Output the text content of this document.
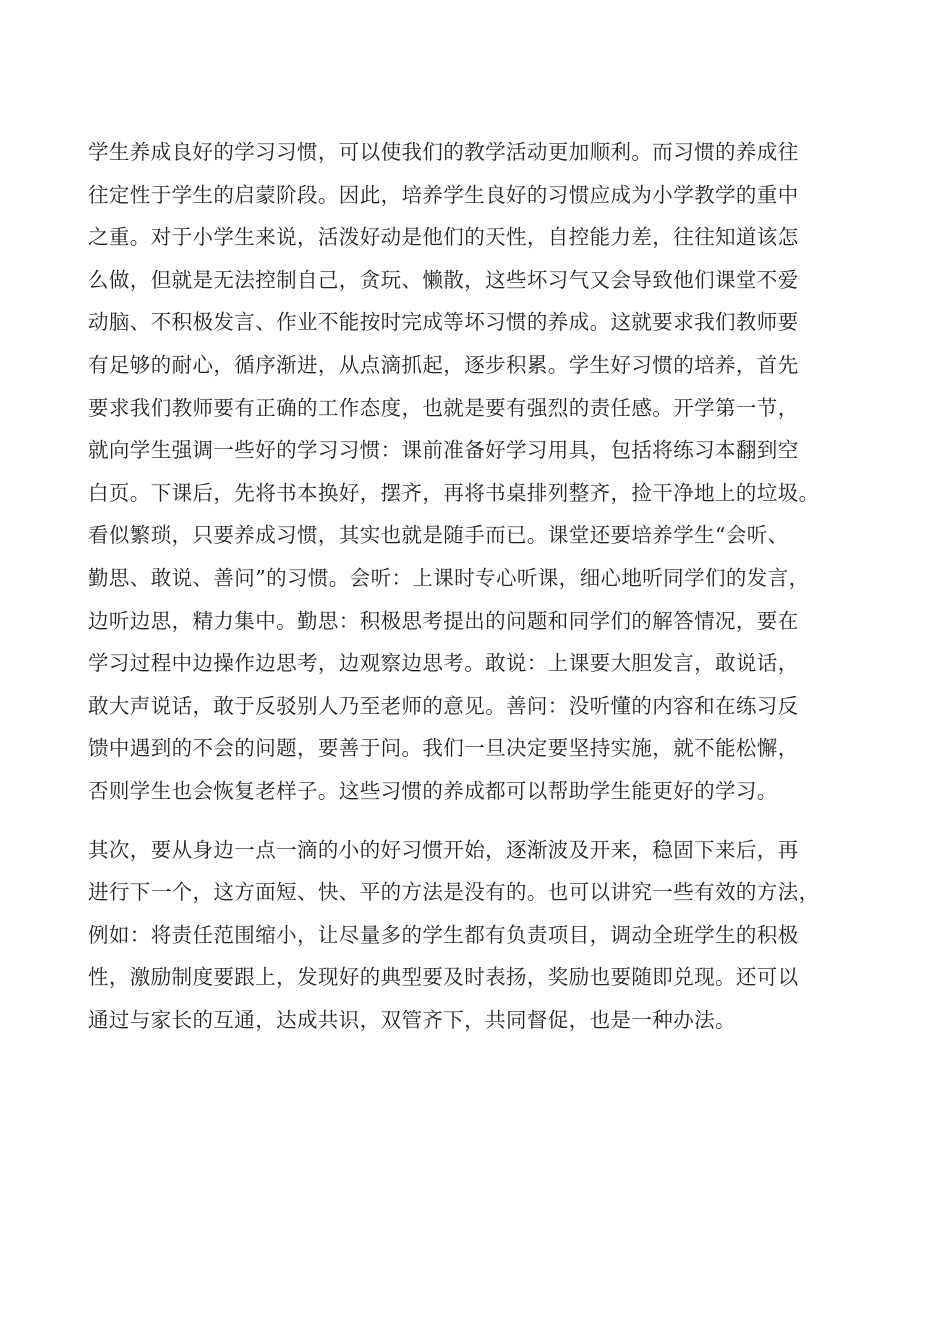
学生养成良好的学习习惯，可以使我们的教学活动更加顺利。而习惯的养成往
往定性于学生的启蒙阶段。因此，培养学生良好的习惯应成为小学教学的重中
之重。对于小学生来说，活泼好动是他们的天性，自控能力差，往往知道该怎
么做，但就是无法控制自己，贪玩、懒散，这些坏习气又会导致他们课堂不爱
动脑、不积极发言、作业不能按时完成等坏习惯的养成。这就要求我们教师要
有足够的耐心，循序渐进，从点滴抓起，逐步积累。学生好习惯的培养，首先
要求我们教师要有正确的工作态度，也就是要有强烈的责任感。开学第一节，
就向学生强调一些好的学习习惯：课前准备好学习用具，包括将练习本翻到空
白页。下课后，先将书本换好，摆齐，再将书桌排列整齐，捡干净地上的垃圾。
看似繁琐，只要养成习惯，其实也就是随手而已。课堂还要培养学生“会听、
勤思、敢说、善问”的习惯。会听：上课时专心听课，细心地听同学们的发言，
边听边思，精力集中。勤思：积极思考提出的问题和同学们的解答情况，要在
学习过程中边操作边思考，边观察边思考。敢说：上课要大胆发言，敢说话，
敢大声说话，敢于反驳别人乃至老师的意见。善问：没听懂的内容和在练习反
馈中遇到的不会的问题，要善于问。我们一旦决定要坚持实施，就不能松懈，
否则学生也会恢复老样子。这些习惯的养成都可以帮助学生能更好的学习。

其次，要从身边一点一滴的小的好习惯开始，逐渐波及开来，稳固下来后，再
进行下一个，这方面短、快、平的方法是没有的。也可以讲究一些有效的方法，
例如：将责任范围缩小，让尽量多的学生都有负责项目，调动全班学生的积极
性，激励制度要跟上，发现好的典型要及时表扬，奖励也要随即兑现。还可以
通过与家长的互通，达成共识，双管齐下，共同督促，也是一种办法。
